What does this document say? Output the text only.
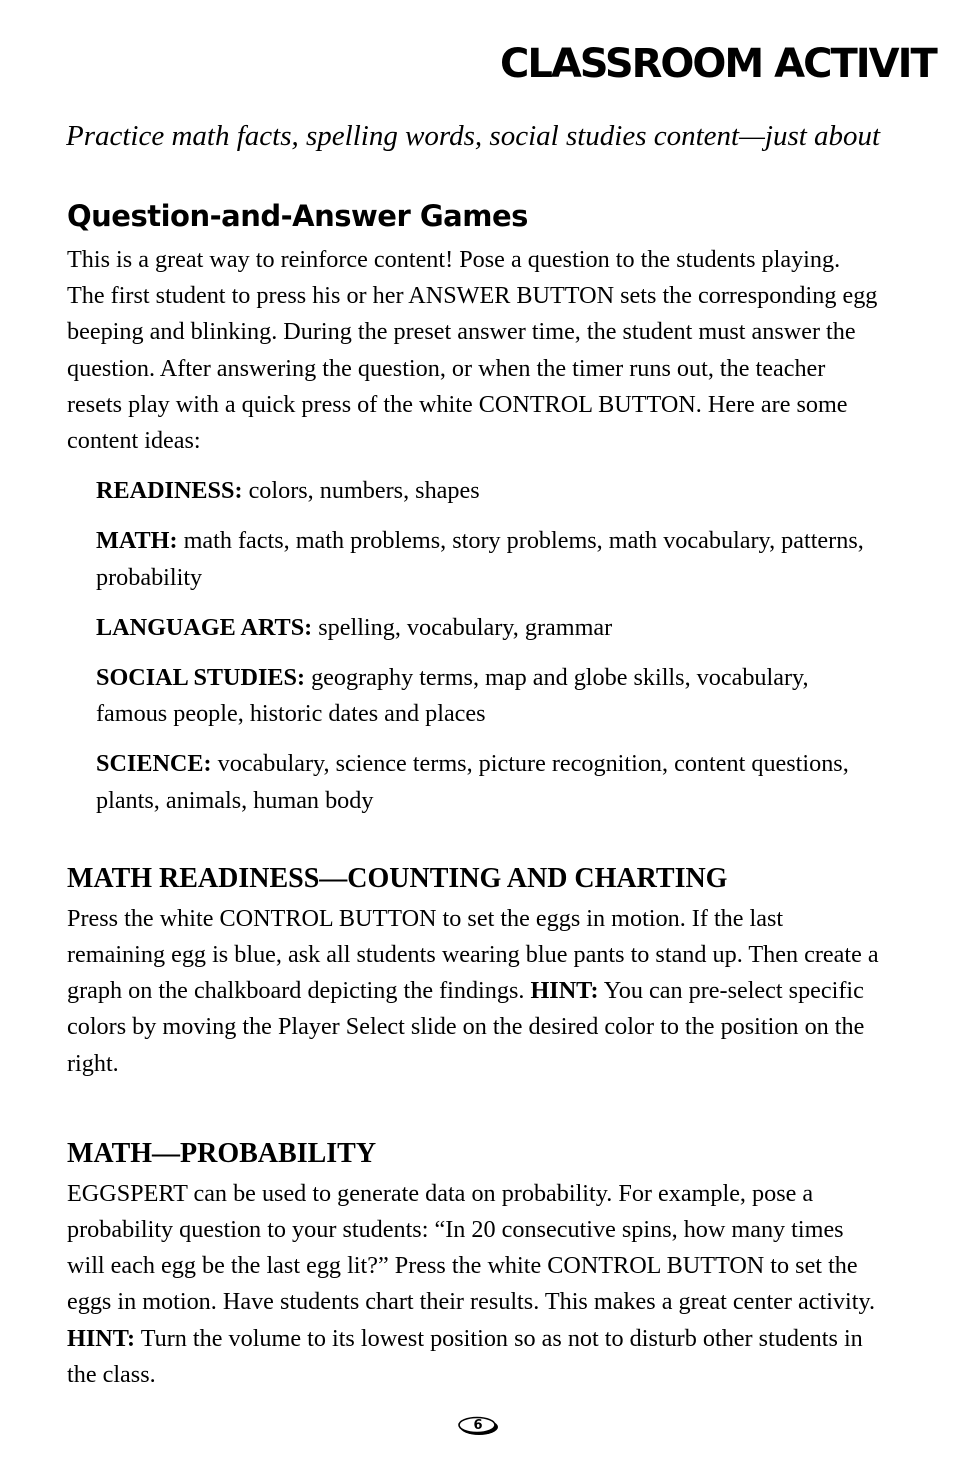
CLASSROOM ACTIVIT
Practice math facts, spelling words, social studies content—just about
Question-and-Answer Games

This is a great way to reinforce content! Pose a question to the students playing. The first student to press his or her ANSWER BUTTON sets the corresponding egg beeping and blinking. During the preset answer time, the student must answer the question. After answering the question, or when the timer runs out, the teacher resets play with a quick press of the white CONTROL BUTTON. Here are some content ideas:

READINESS: colors, numbers, shapes
MATH: math facts, math problems, story problems, math vocabulary, patterns, probability
LANGUAGE ARTS: spelling, vocabulary, grammar
SOCIAL STUDIES: geography terms, map and globe skills, vocabulary, famous people, historic dates and places
SCIENCE: vocabulary, science terms, picture recognition, content questions, plants, animals, human body
MATH READINESS—COUNTING AND CHARTING

Press the white CONTROL BUTTON to set the eggs in motion. If the last remaining egg is blue, ask all students wearing blue pants to stand up. Then create a graph on the chalkboard depicting the findings. HINT: You can pre-select specific colors by moving the Player Select slide on the desired color to the position on the right.

MATH—PROBABILITY

EGGSPERT can be used to generate data on probability. For example, pose a probability question to your students: “In 20 consecutive spins, how many times will each egg be the last egg lit?” Press the white CONTROL BUTTON to set the eggs in motion. Have students chart their results. This makes a great center activity. HINT: Turn the volume to its lowest position so as not to disturb other students in the class.

6
